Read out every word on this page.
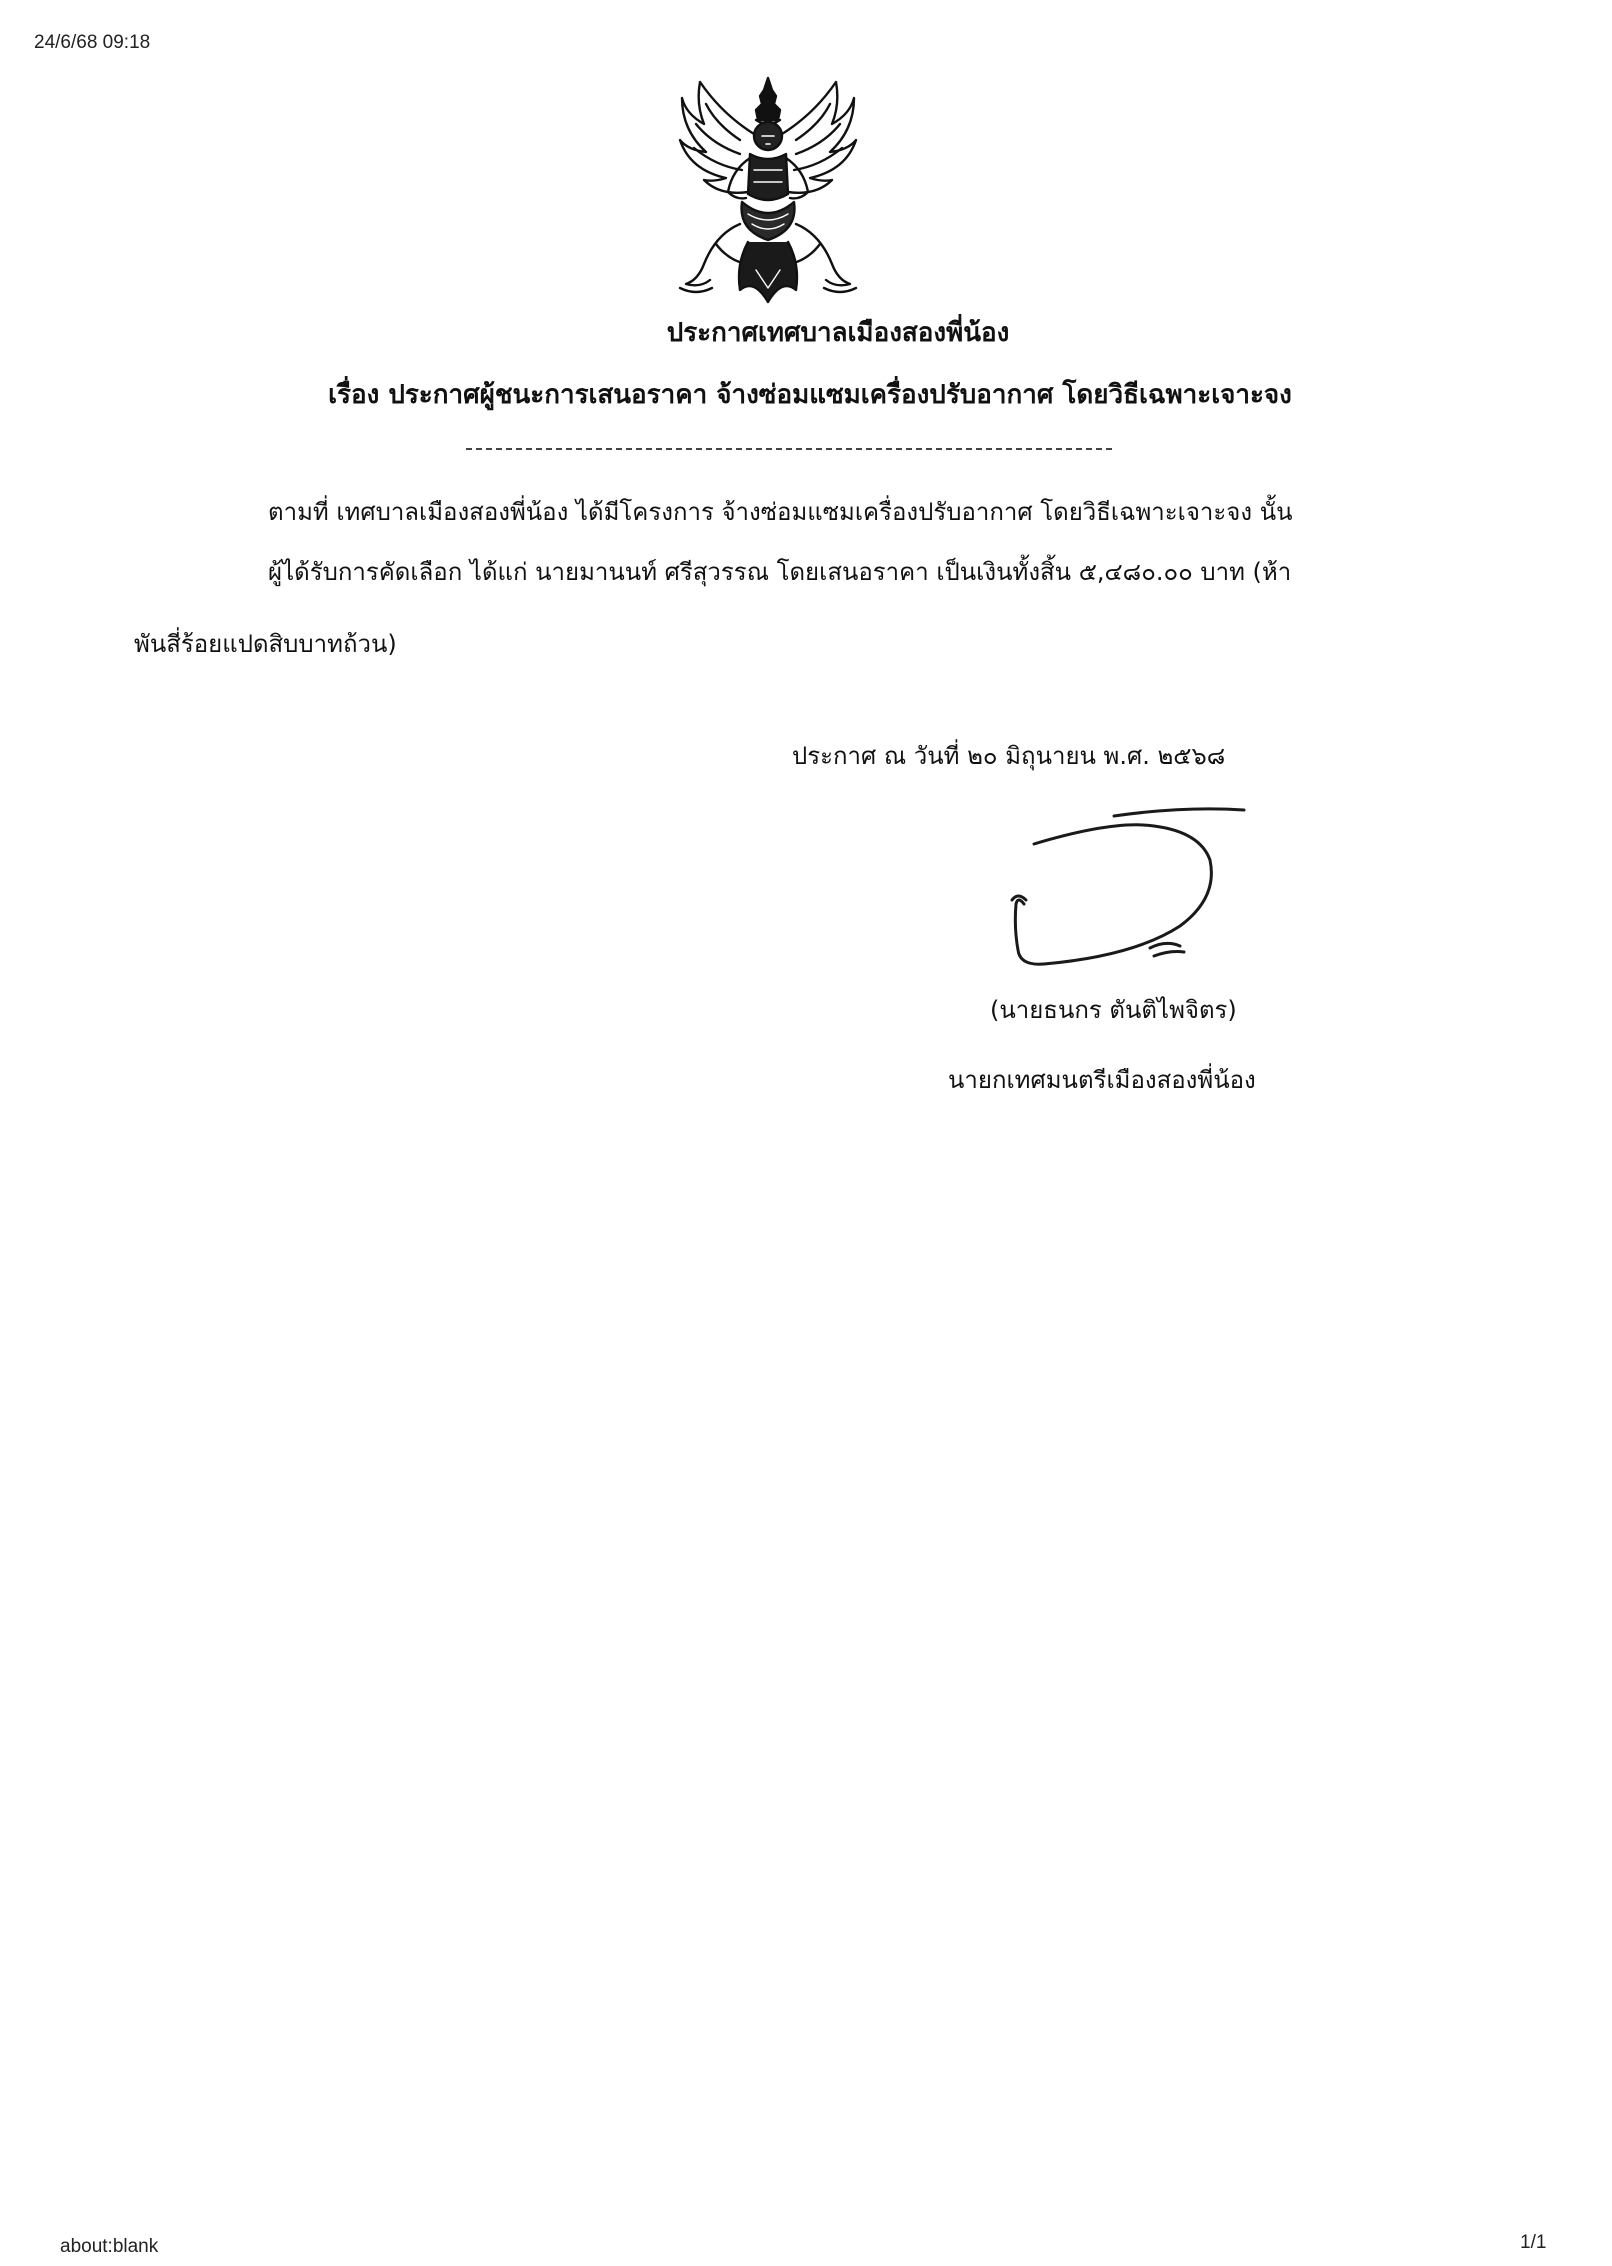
24/6/68 09:18
ประกาศเทศบาลเมืองสองพี่น้อง
เรื่อง ประกาศผู้ชนะการเสนอราคา จ้างซ่อมแซมเครื่องปรับอากาศ โดยวิธีเฉพาะเจาะจง
ตามที่ เทศบาลเมืองสองพี่น้อง ได้มีโครงการ จ้างซ่อมแซมเครื่องปรับอากาศ โดยวิธีเฉพาะเจาะจง นั้น
ผู้ได้รับการคัดเลือก ได้แก่ นายมานนท์ ศรีสุวรรณ โดยเสนอราคา เป็นเงินทั้งสิ้น ๕,๔๘๐.๐๐ บาท (ห้า
พันสี่ร้อยแปดสิบบาทถ้วน)
ประกาศ ณ วันที่ ๒๐ มิถุนายน พ.ศ. ๒๕๖๘
(นายธนกร ตันติไพจิตร)
นายกเทศมนตรีเมืองสองพี่น้อง
about:blank	1/1
